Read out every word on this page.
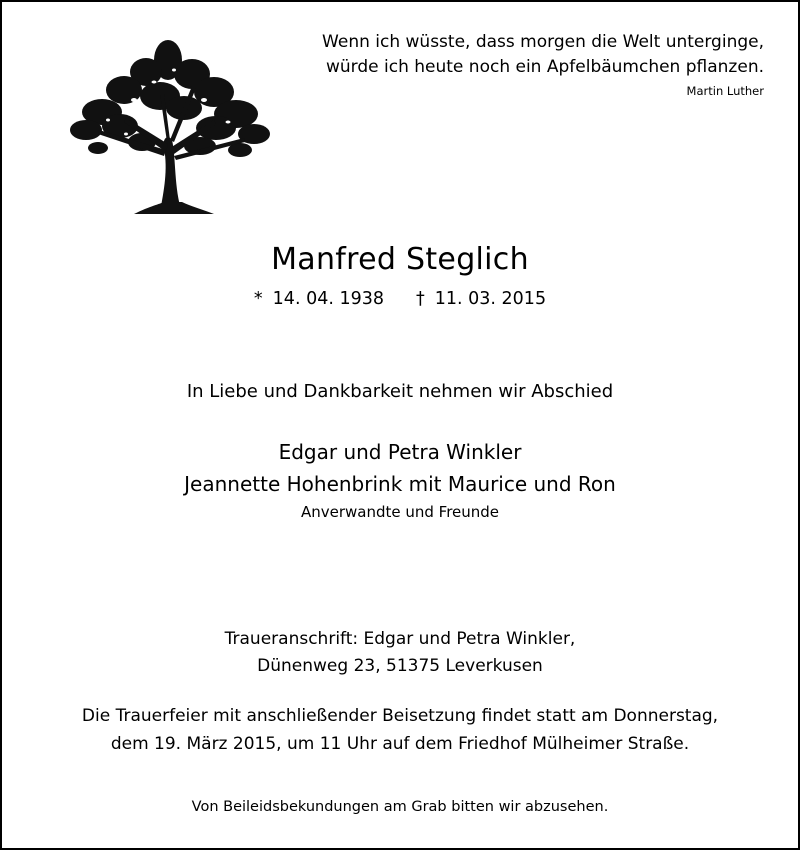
Wenn ich wüsste, dass morgen die Welt unterginge,
würde ich heute noch ein Apfelbäumchen pflanzen.
Martin Luther
Manfred Steglich
* 14. 04. 1938 † 11. 03. 2015
In Liebe und Dankbarkeit nehmen wir Abschied
Edgar und Petra Winkler
Jeannette Hohenbrink mit Maurice und Ron
Anverwandte und Freunde
Traueranschrift: Edgar und Petra Winkler,
Dünenweg 23, 51375 Leverkusen
Die Trauerfeier mit anschließender Beisetzung findet statt am Donnerstag,
dem 19. März 2015, um 11 Uhr auf dem Friedhof Mülheimer Straße.
Von Beileidsbekundungen am Grab bitten wir abzusehen.
